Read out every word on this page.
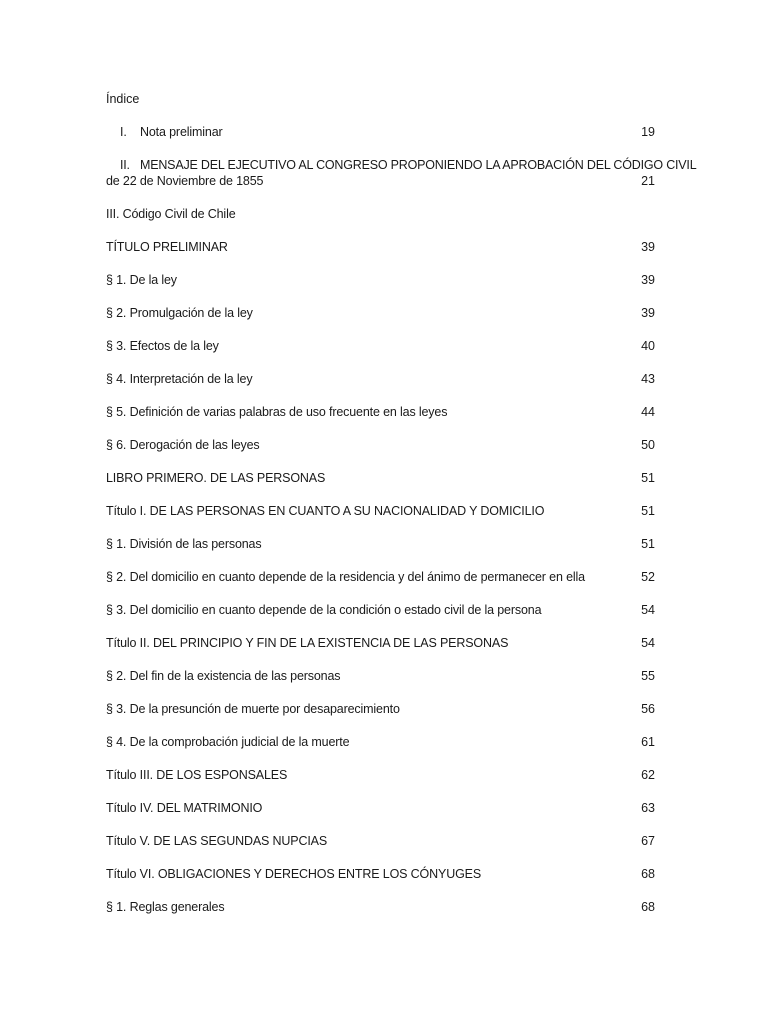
Índice
I. Nota preliminar	19
II. MENSAJE DEL EJECUTIVO AL CONGRESO PROPONIENDO LA APROBACIÓN DEL CÓDIGO CIVIL
de 22 de Noviembre de 1855	21
III. Código Civil de Chile
TÍTULO PRELIMINAR	39
§ 1. De la ley	39
§ 2. Promulgación de la ley	39
§ 3. Efectos de la ley	40
§ 4. Interpretación de la ley	43
§ 5. Definición de varias palabras de uso frecuente en las leyes	44
§ 6. Derogación de las leyes	50
LIBRO PRIMERO. DE LAS PERSONAS	51
Título I. DE LAS PERSONAS EN CUANTO A SU NACIONALIDAD Y DOMICILIO	51
§ 1. División de las personas	51
§ 2. Del domicilio en cuanto depende de la residencia y del ánimo de permanecer en ella	52
§ 3. Del domicilio en cuanto depende de la condición o estado civil de la persona	54
Título II. DEL PRINCIPIO Y FIN DE LA EXISTENCIA DE LAS PERSONAS	54
§ 2. Del fin de la existencia de las personas	55
§ 3. De la presunción de muerte por desaparecimiento	56
§ 4. De la comprobación judicial de la muerte	61
Título III. DE LOS ESPONSALES	62
Título IV. DEL MATRIMONIO	63
Título V. DE LAS SEGUNDAS NUPCIAS	67
Título VI. OBLIGACIONES Y DERECHOS ENTRE LOS CÓNYUGES	68
§ 1. Reglas generales	68
